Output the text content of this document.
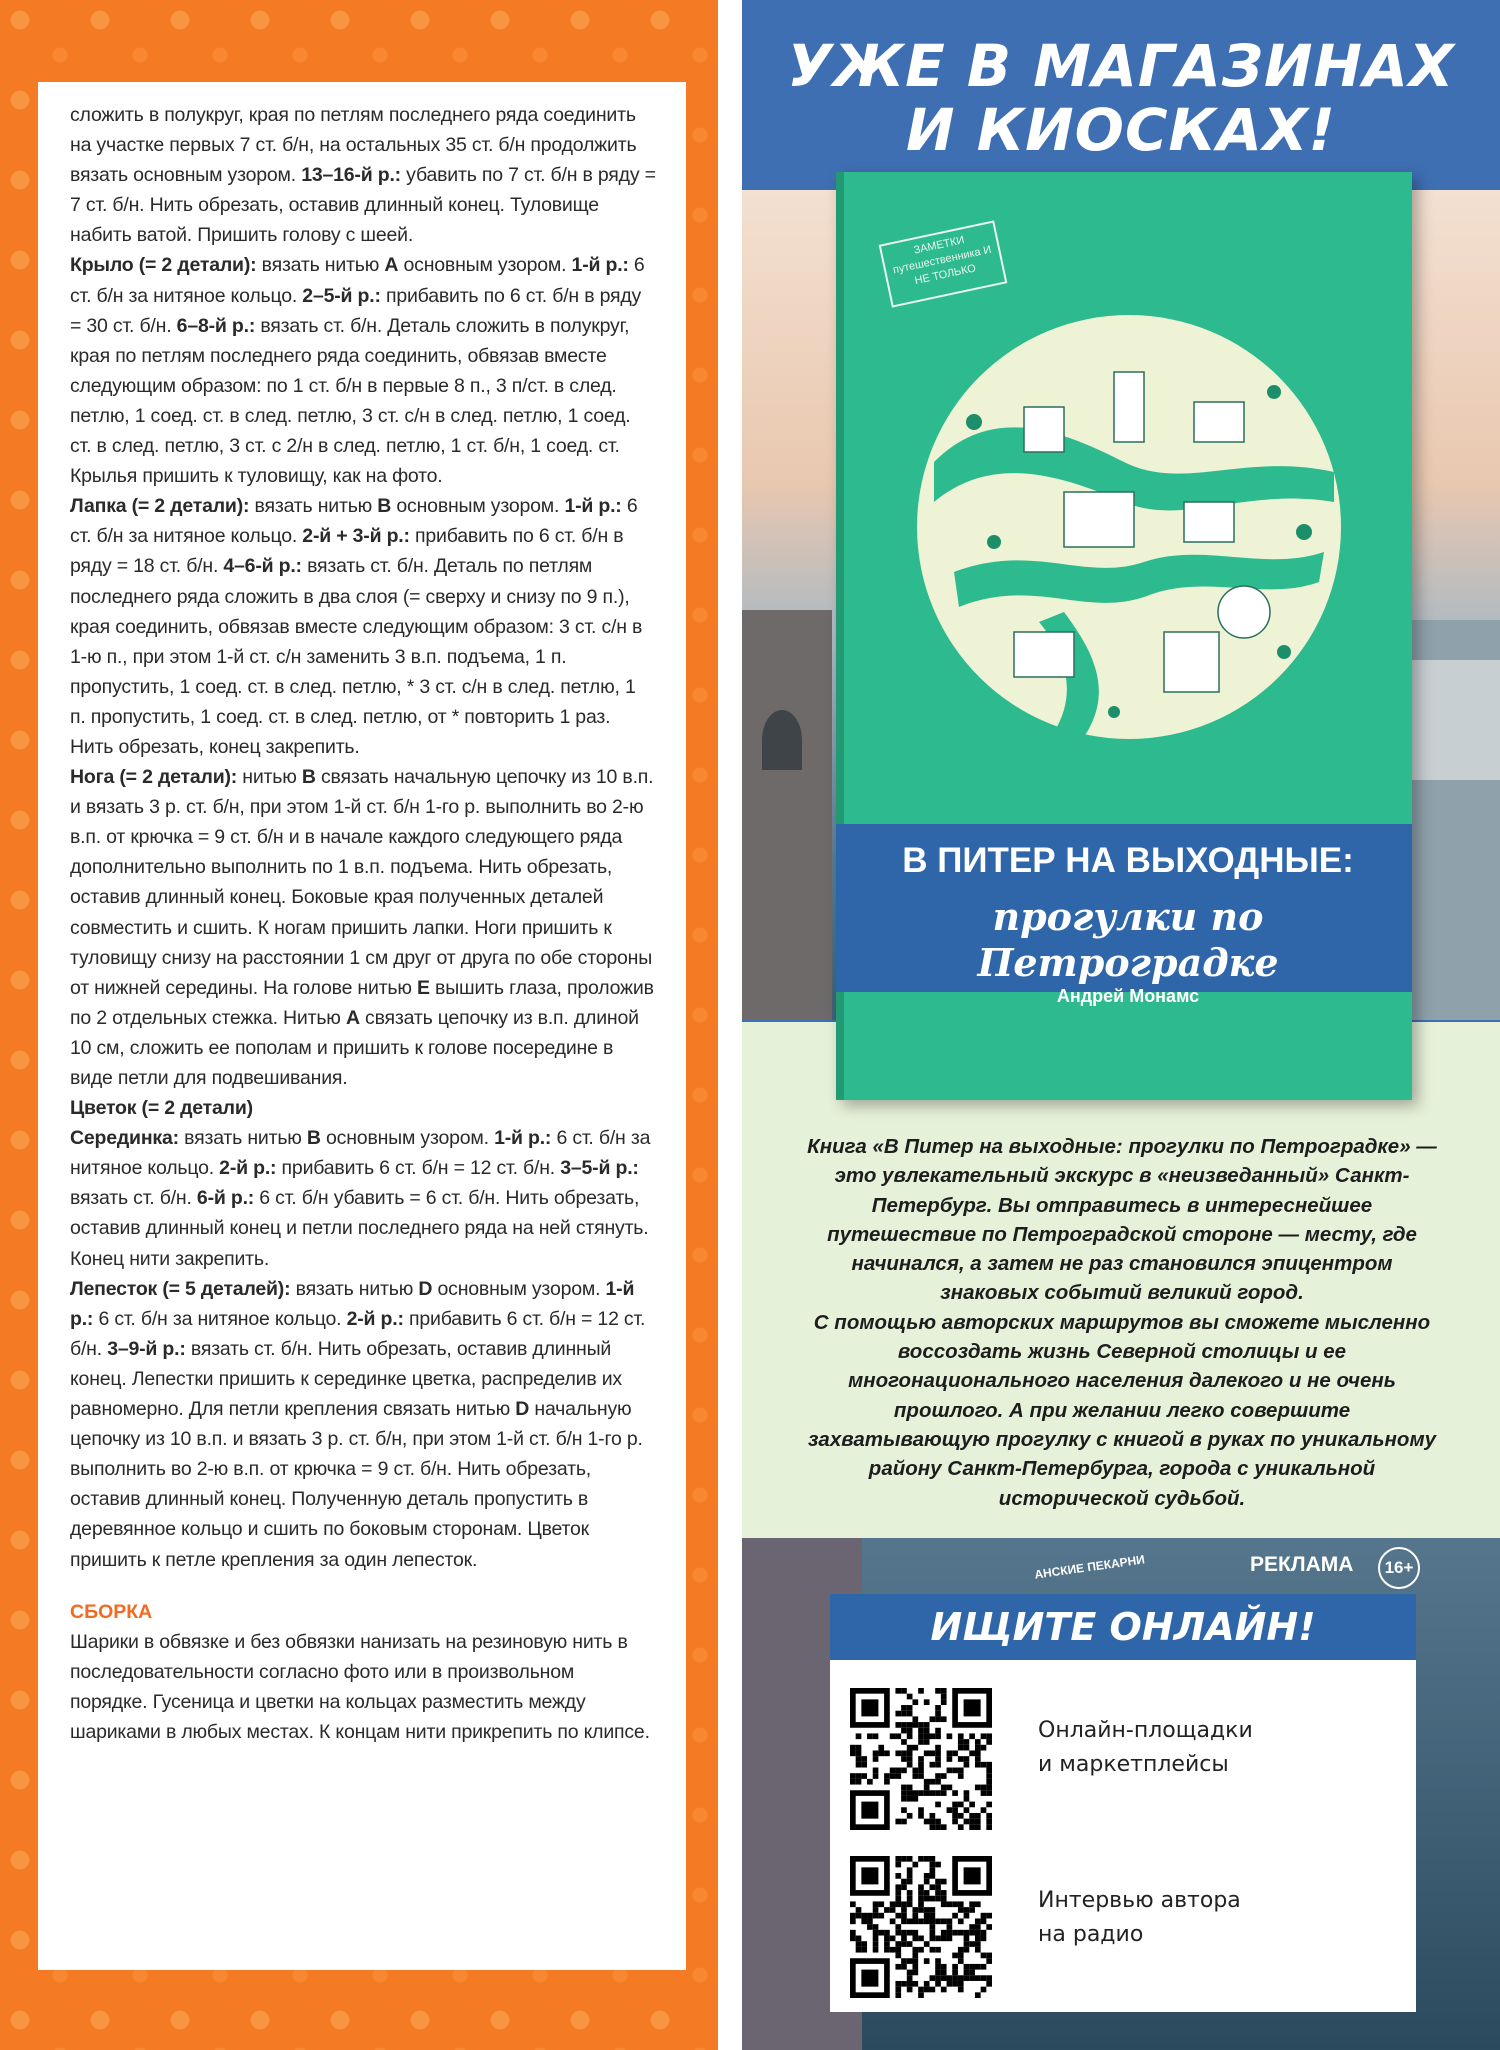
сложить в полукруг, края по петлям последнего ряда соединить на участке первых 7 ст. б/н, на остальных 35 ст. б/н продолжить вязать основным узором. 13–16-й р.: убавить по 7 ст. б/н в ряду = 7 ст. б/н. Нить обрезать, оставив длинный конец. Туловище набить ватой. Пришить голову с шеей.

Крыло (= 2 детали): вязать нитью А основным узором. 1-й р.: 6 ст. б/н за нитяное кольцо. 2–5-й р.: прибавить по 6 ст. б/н в ряду = 30 ст. б/н. 6–8-й р.: вязать ст. б/н. Деталь сложить в полукруг, края по петлям последнего ряда соединить, обвязав вместе следующим образом: по 1 ст. б/н в первые 8 п., 3 п/ст. в след. петлю, 1 соед. ст. в след. петлю, 3 ст. с/н в след. петлю, 1 соед. ст. в след. петлю, 3 ст. с 2/н в след. петлю, 1 ст. б/н, 1 соед. ст. Крылья пришить к туловищу, как на фото.

Лапка (= 2 детали): вязать нитью В основным узором. 1-й р.: 6 ст. б/н за нитяное кольцо. 2-й + 3-й р.: прибавить по 6 ст. б/н в ряду = 18 ст. б/н. 4–6-й р.: вязать ст. б/н. Деталь по петлям последнего ряда сложить в два слоя (= сверху и снизу по 9 п.), края соединить, обвязав вместе следующим образом: 3 ст. с/н в 1-ю п., при этом 1-й ст. с/н заменить 3 в.п. подъема, 1 п. пропустить, 1 соед. ст. в след. петлю, * 3 ст. с/н в след. петлю, 1 п. пропустить, 1 соед. ст. в след. петлю, от * повторить 1 раз. Нить обрезать, конец закрепить.

Нога (= 2 детали): нитью В связать начальную цепочку из 10 в.п. и вязать 3 р. ст. б/н, при этом 1-й ст. б/н 1-го р. выполнить во 2-ю в.п. от крючка = 9 ст. б/н и в начале каждого следующего ряда дополнительно выполнить по 1 в.п. подъема. Нить обрезать, оставив длинный конец. Боковые края полученных деталей совместить и сшить. К ногам пришить лапки. Ноги пришить к туловищу снизу на расстоянии 1 см друг от друга по обе стороны от нижней середины. На голове нитью Е вышить глаза, проложив по 2 отдельных стежка. Нитью А связать цепочку из в.п. длиной 10 см, сложить ее пополам и пришить к голове посередине в виде петли для подвешивания.

Цветок (= 2 детали)

Серединка: вязать нитью В основным узором. 1-й р.: 6 ст. б/н за нитяное кольцо. 2-й р.: прибавить 6 ст. б/н = 12 ст. б/н. 3–5-й р.: вязать ст. б/н. 6-й р.: 6 ст. б/н убавить = 6 ст. б/н. Нить обрезать, оставив длинный конец и петли последнего ряда на ней стянуть. Конец нити закрепить.

Лепесток (= 5 деталей): вязать нитью D основным узором. 1-й р.: 6 ст. б/н за нитяное кольцо. 2-й р.: прибавить 6 ст. б/н = 12 ст. б/н. 3–9-й р.: вязать ст. б/н. Нить обрезать, оставив длинный конец. Лепестки пришить к серединке цветка, распределив их равномерно. Для петли крепления связать нитью D начальную цепочку из 10 в.п. и вязать 3 р. ст. б/н, при этом 1-й ст. б/н 1-го р. выполнить во 2-ю в.п. от крючка = 9 ст. б/н. Нить обрезать, оставив длинный конец. Полученную деталь пропустить в деревянное кольцо и сшить по боковым сторонам. Цветок пришить к петле крепления за один лепесток.

СБОРКА

Шарики в обвязке и без обвязки нанизать на резиновую нить в последовательности согласно фото или в произвольном порядке. Гусеница и цветки на кольцах разместить между шариками в любых местах. К концам нити прикрепить по клипсе.

АНСКИЕ ПЕКАРНИ
УЖЕ В МАГАЗИНАХ
И КИОСКАХ!
ЗАМЕТКИ путешественника И НЕ ТОЛЬКО
В ПИТЕР НА ВЫХОДНЫЕ:
прогулки по Петроградке
Андрей Монамс
Книга «В Питер на выходные: прогулки по Петроградке» — это увлекательный экскурс в «неизведанный» Санкт-Петербург. Вы отправитесь в интереснейшее путешествие по Петроградской стороне — месту, где начинался, а затем не раз становился эпицентром знаковых событий великий город.
С помощью авторских маршрутов вы сможете мысленно воссоздать жизнь Северной столицы и ее многонационального населения далекого и не очень прошлого. А при желании легко совершите захватывающую прогулку с книгой в руках по уникальному району Санкт-Петербурга, города с уникальной исторической судьбой.
РЕКЛАМА	16+
ИЩИТЕ ОНЛАЙН!
Онлайн-площадки
и маркетплейсы
Интервью автора
на радио
